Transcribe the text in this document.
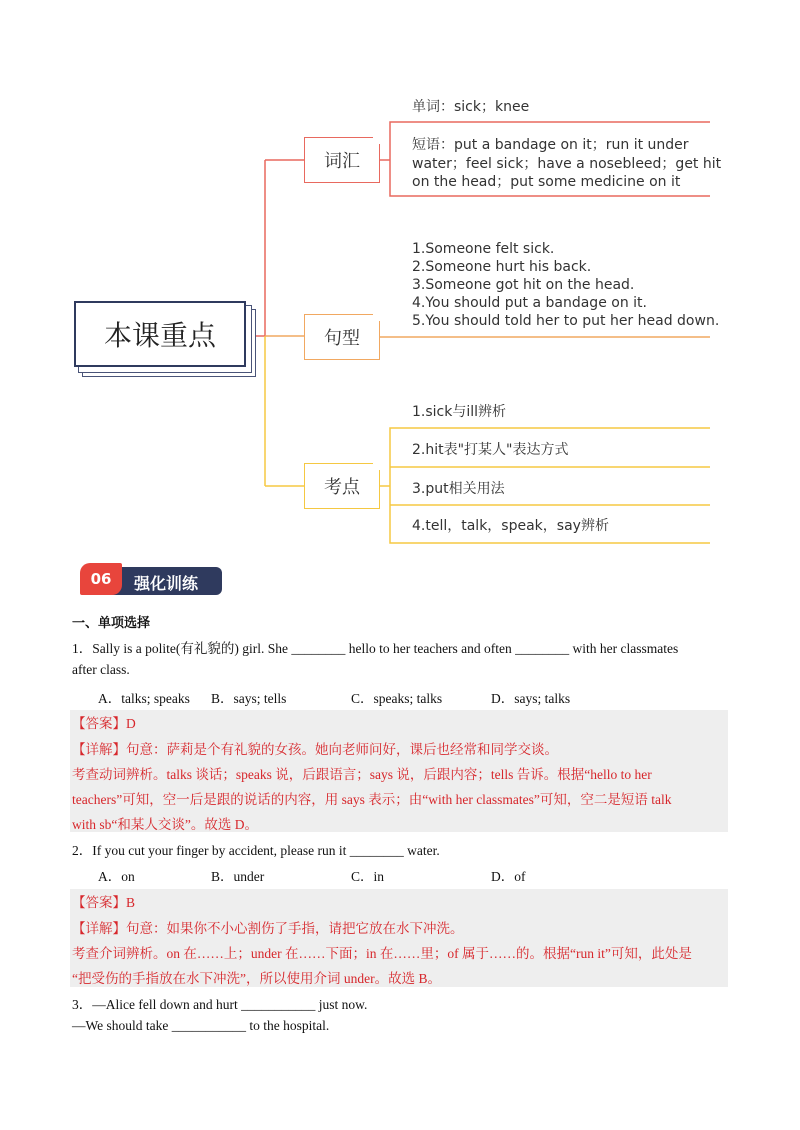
本课重点
词汇
句型
考点
单词：sick；knee
短语：put a bandage on it；run it under
water；feel sick；have a nosebleed；get hit
on the head；put some medicine on it
1.Someone felt sick.
2.Someone hurt his back.
3.Someone got hit on the head.
4.You should put a bandage on it.
5.You should told her to put her head down.
1.sick与ill辨析
2.hit表"打某人"表达方式
3.put相关用法
4.tell，talk，speak，say辨析
06 强化训练
一、单项选择
1．Sally is a polite(有礼貌的) girl. She ________ hello to her teachers and often ________ with her classmates
after class.
A．talks; speaks B．says; tells	C．speaks; talks	D．says; talks
【答案】D
【详解】句意：萨莉是个有礼貌的女孩。她向老师问好，课后也经常和同学交谈。
考查动词辨析。talks 谈话；speaks 说，后跟语言；says 说，后跟内容；tells 告诉。根据“hello to her
teachers”可知，空一后是跟的说话的内容，用 says 表示；由“with her classmates”可知，空二是短语 talk
with sb“和某人交谈”。故选 D。
2．If you cut your finger by accident, please run it ________ water.
A．on	B．under	C．in	D．of
【答案】B
【详解】句意：如果你不小心割伤了手指，请把它放在水下冲洗。
考查介词辨析。on 在……上；under 在……下面；in 在……里；of 属于……的。根据“run it”可知，此处是
“把受伤的手指放在水下冲洗”，所以使用介词 under。故选 B。
3．—Alice fell down and hurt ___________ just now.
—We should take ___________ to the hospital.
